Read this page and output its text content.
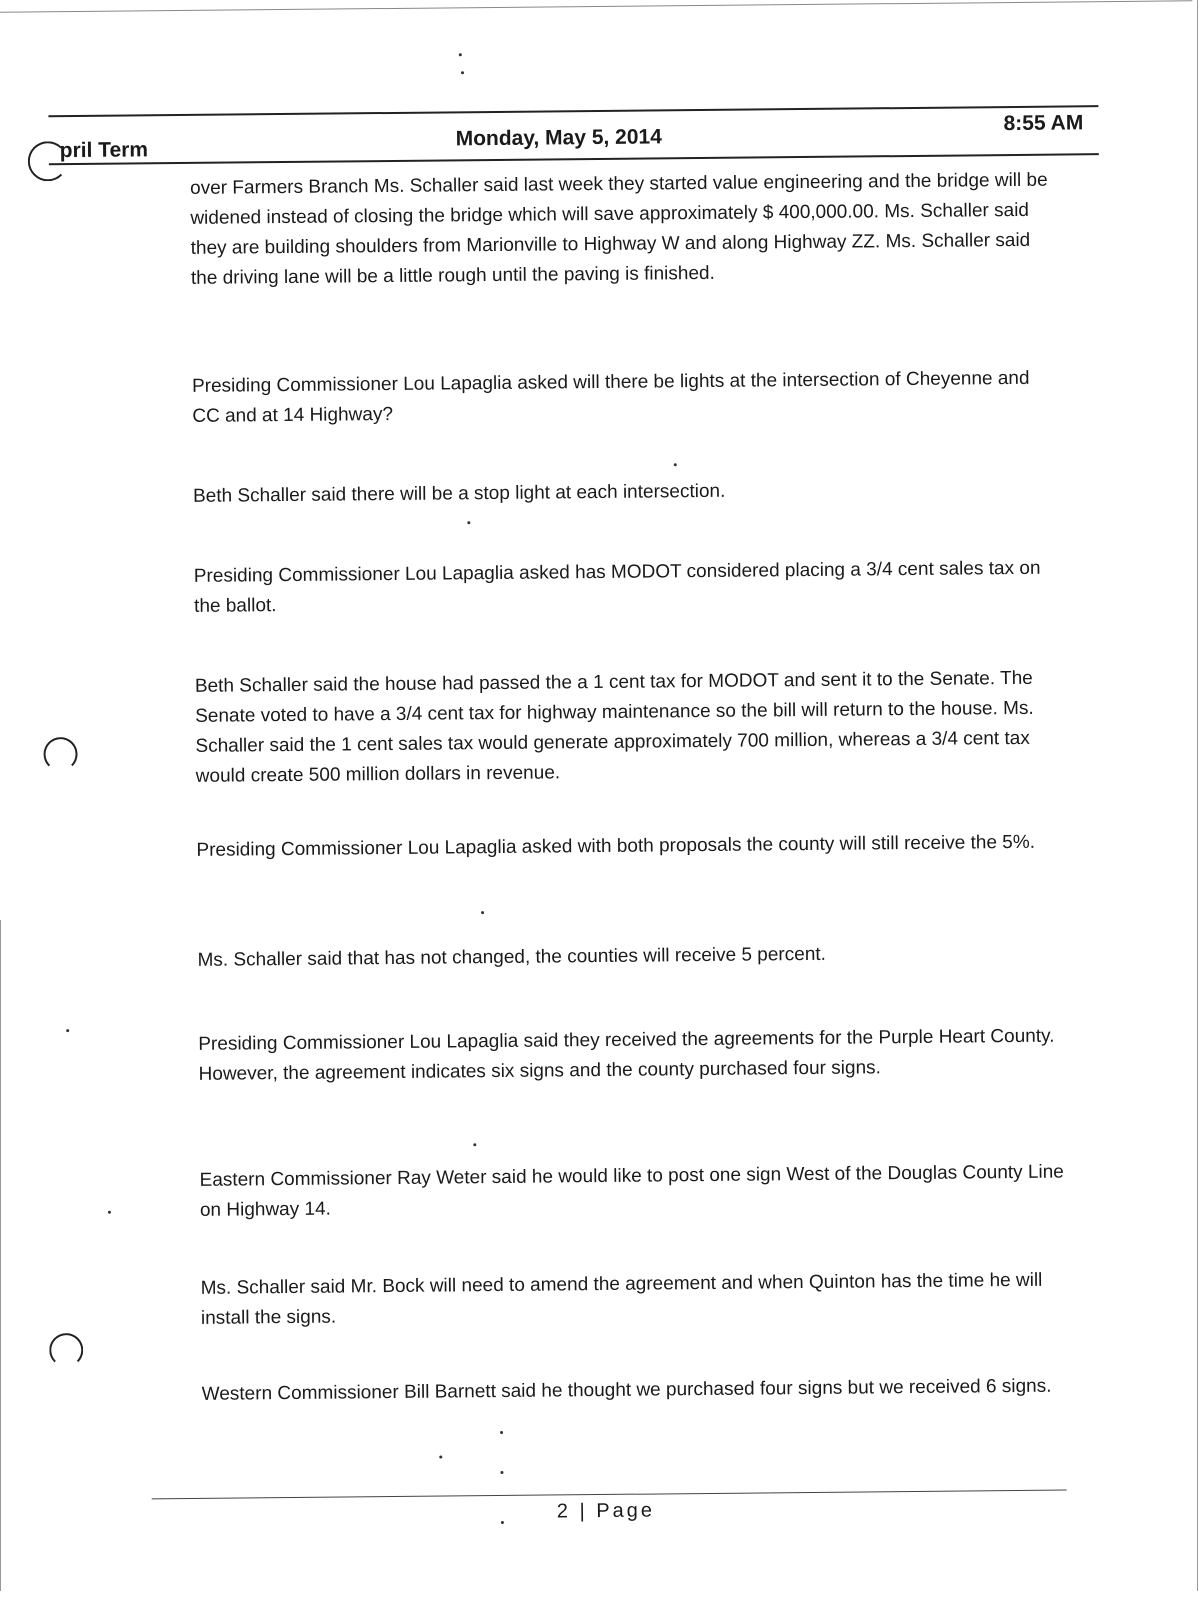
pril Term	Monday, May 5, 2014
8:55 AM

over Farmers Branch Ms. Schaller said last week they started value engineering and the bridge will be widened instead of closing the bridge which will save approximately $ 400,000.00. Ms. Schaller said they are building shoulders from Marionville to Highway W and along Highway ZZ. Ms. Schaller said the driving lane will be a little rough until the paving is finished.

Presiding Commissioner Lou Lapaglia asked will there be lights at the intersection of Cheyenne and CC and at 14 Highway?

Beth Schaller said there will be a stop light at each intersection.

Presiding Commissioner Lou Lapaglia asked has MODOT considered placing a 3/4 cent sales tax on the ballot.

Beth Schaller said the house had passed the a 1 cent tax for MODOT and sent it to the Senate. The Senate voted to have a 3/4 cent tax for highway maintenance so the bill will return to the house. Ms. Schaller said the 1 cent sales tax would generate approximately 700 million, whereas a 3/4 cent tax would create 500 million dollars in revenue.

Presiding Commissioner Lou Lapaglia asked with both proposals the county will still receive the 5%.

Ms. Schaller said that has not changed, the counties will receive 5 percent.

Presiding Commissioner Lou Lapaglia said they received the agreements for the Purple Heart County. However, the agreement indicates six signs and the county purchased four signs.

Eastern Commissioner Ray Weter said he would like to post one sign West of the Douglas County Line on Highway 14.

Ms. Schaller said Mr. Bock will need to amend the agreement and when Quinton has the time he will install the signs.

Western Commissioner Bill Barnett said he thought we purchased four signs but we received 6 signs.

2 | Page
